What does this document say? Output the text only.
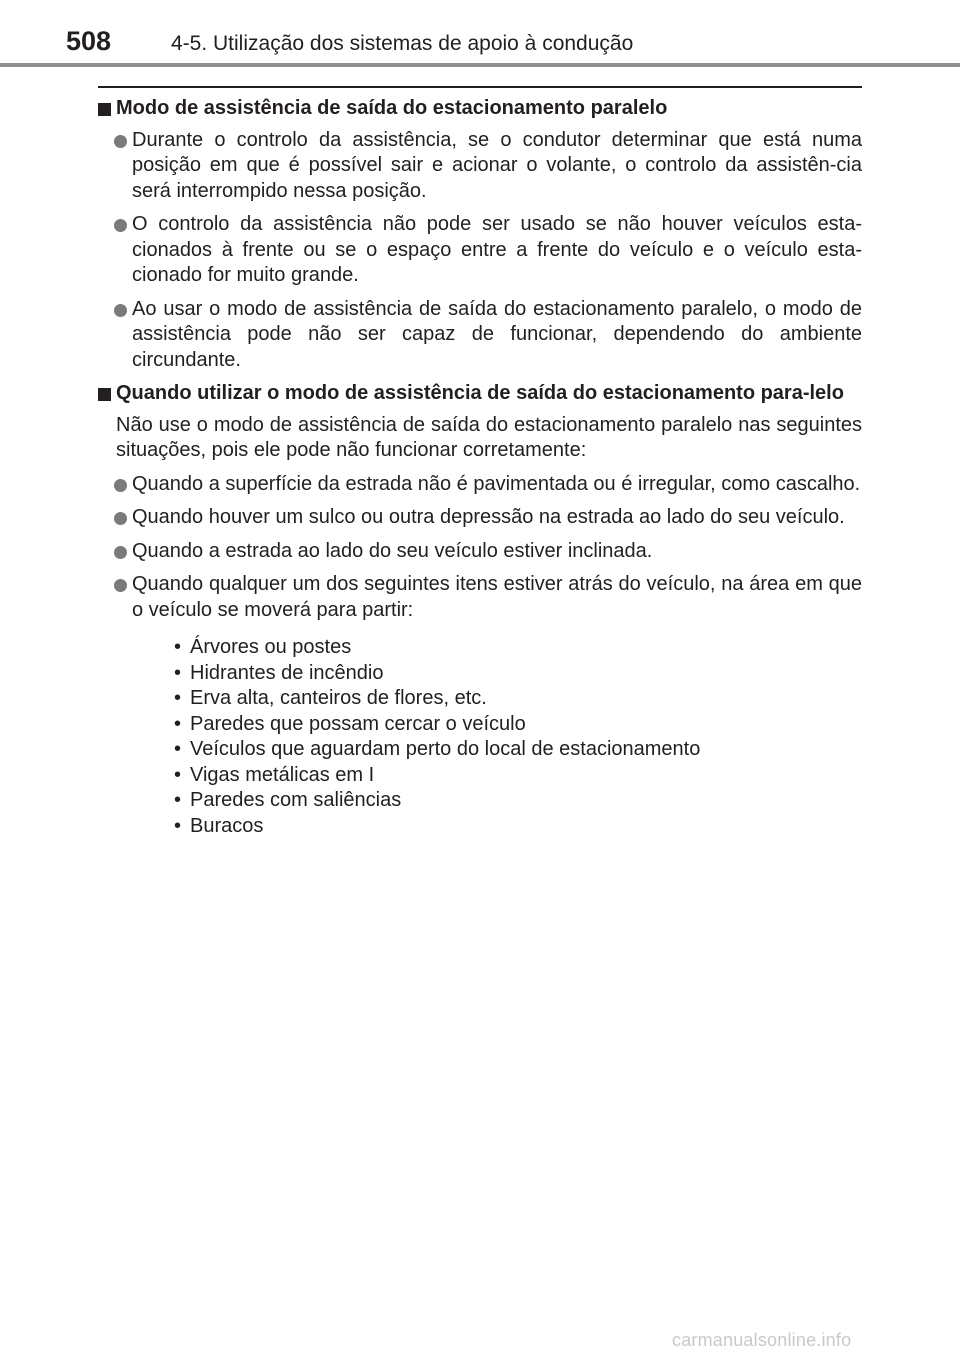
508	4-5. Utilização dos sistemas de apoio à condução
Modo de assistência de saída do estacionamento paralelo
Durante o controlo da assistência, se o condutor determinar que está numa posição em que é possível sair e acionar o volante, o controlo da assistên-cia será interrompido nessa posição.
O controlo da assistência não pode ser usado se não houver veículos esta-cionados à frente ou se o espaço entre a frente do veículo e o veículo esta-cionado for muito grande.
Ao usar o modo de assistência de saída do estacionamento paralelo, o modo de assistência pode não ser capaz de funcionar, dependendo do ambiente circundante.
Quando utilizar o modo de assistência de saída do estacionamento para-lelo
Não use o modo de assistência de saída do estacionamento paralelo nas seguintes situações, pois ele pode não funcionar corretamente:
Quando a superfície da estrada não é pavimentada ou é irregular, como cascalho.
Quando houver um sulco ou outra depressão na estrada ao lado do seu veículo.
Quando a estrada ao lado do seu veículo estiver inclinada.
Quando qualquer um dos seguintes itens estiver atrás do veículo, na área em que o veículo se moverá para partir:
• Árvores ou postes
• Hidrantes de incêndio
• Erva alta, canteiros de flores, etc.
• Paredes que possam cercar o veículo
• Veículos que aguardam perto do local de estacionamento
• Vigas metálicas em I
• Paredes com saliências
• Buracos
carmanualsonline.info
